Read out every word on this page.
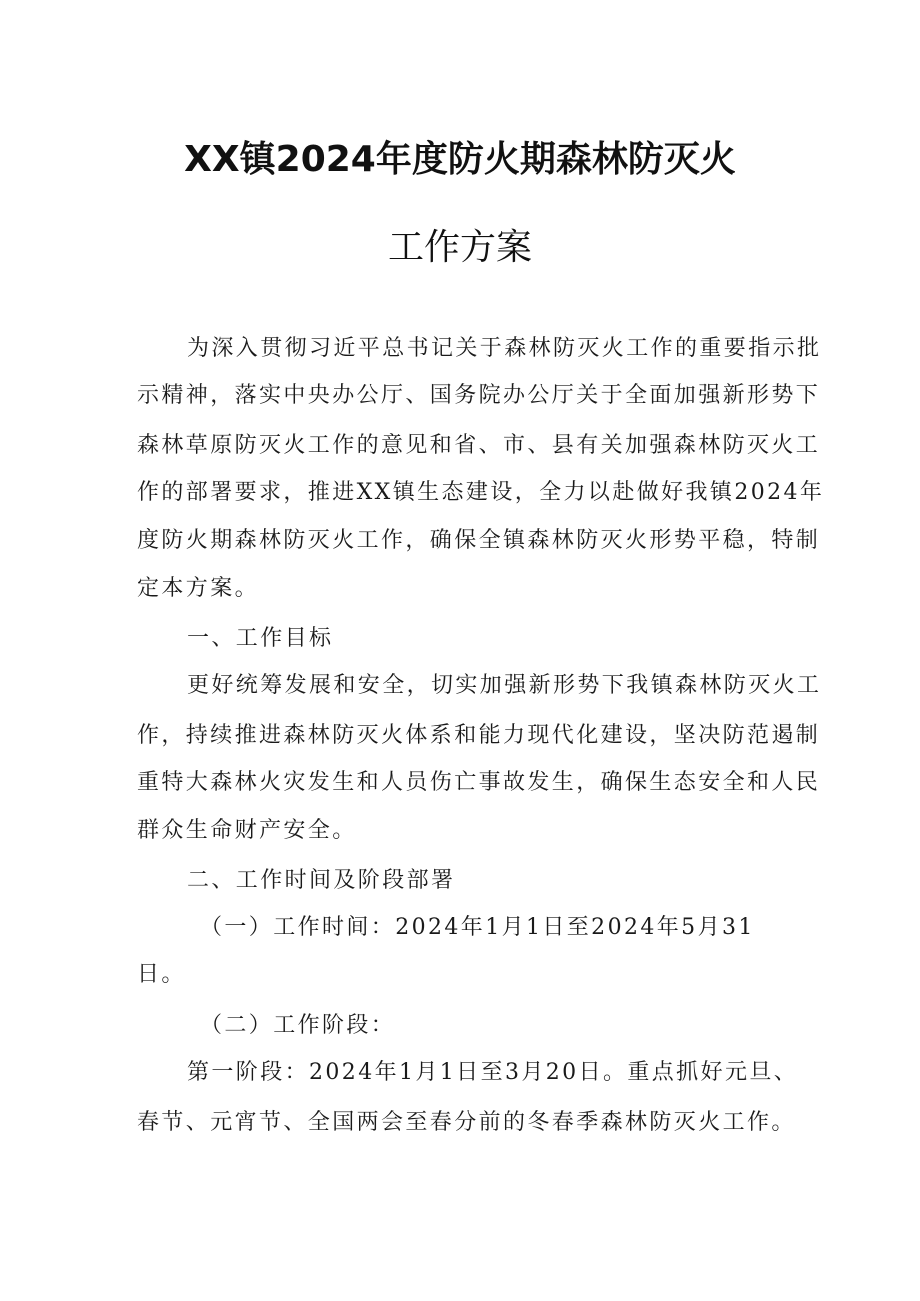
XX镇2024年度防火期森林防灭火
工作方案
为深入贯彻习近平总书记关于森林防灭火工作的重要指示批
示精神，落实中央办公厅、国务院办公厅关于全面加强新形势下
森林草原防灭火工作的意见和省、市、县有关加强森林防灭火工
作的部署要求，推进XX镇生态建设，全力以赴做好我镇2024年
度防火期森林防灭火工作，确保全镇森林防灭火形势平稳，特制
定本方案。
一、工作目标
更好统筹发展和安全，切实加强新形势下我镇森林防灭火工
作，持续推进森林防灭火体系和能力现代化建设，坚决防范遏制
重特大森林火灾发生和人员伤亡事故发生，确保生态安全和人民
群众生命财产安全。
二、工作时间及阶段部署
（一）工作时间：2024年1月1日至2024年5月31
日。
（二）工作阶段：
第一阶段：2024年1月1日至3月20日。重点抓好元旦、
春节、元宵节、全国两会至春分前的冬春季森林防灭火工作。
